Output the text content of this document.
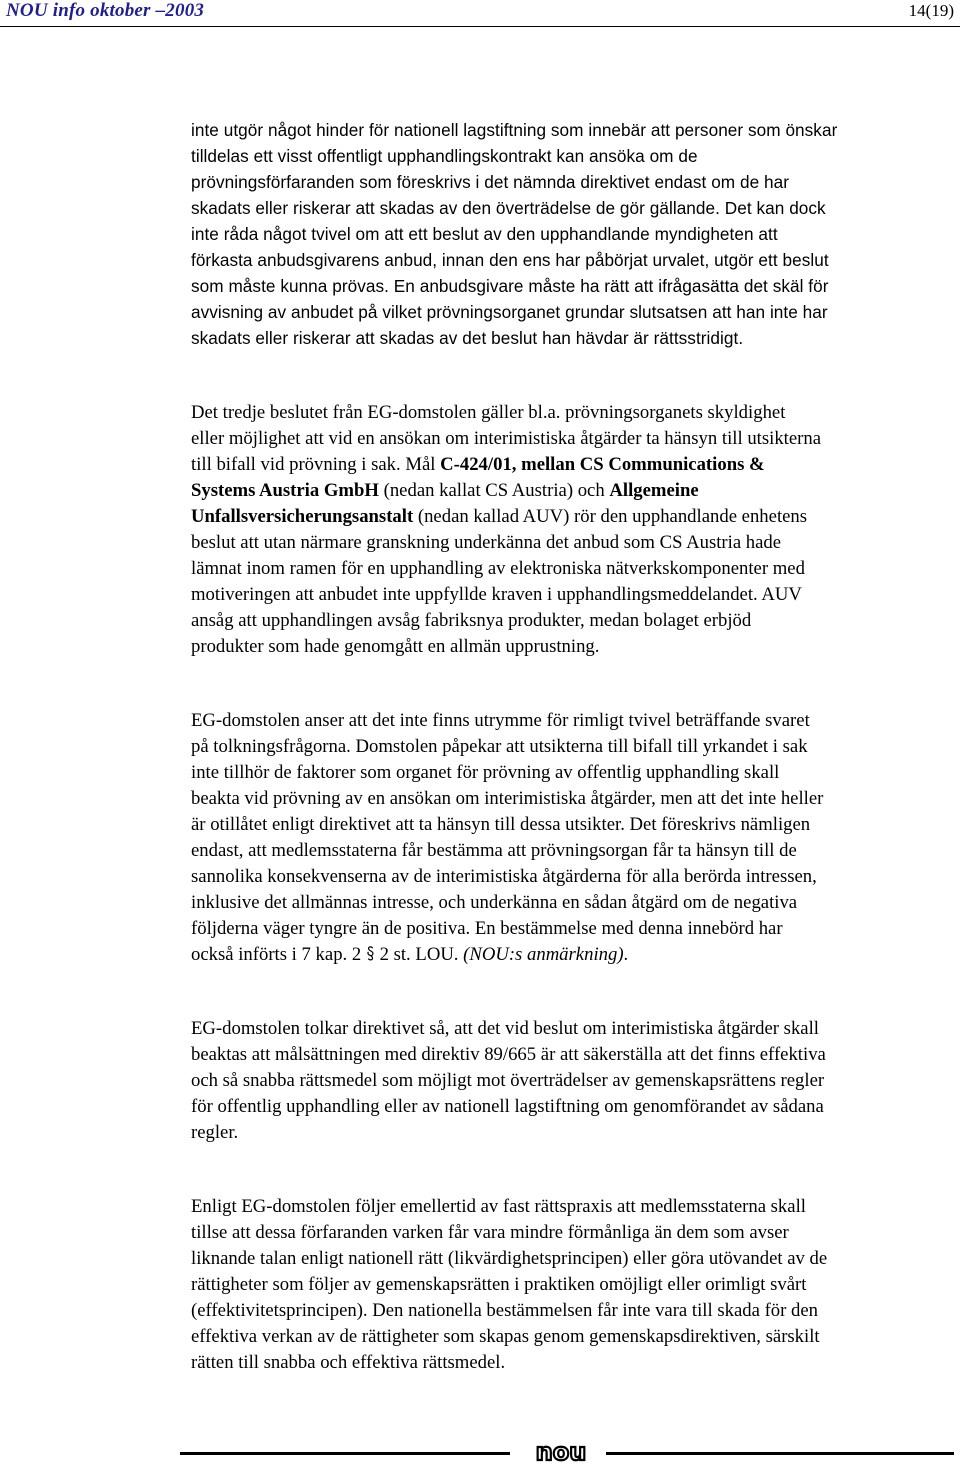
NOU info oktober –2003	14(19)
inte utgör något hinder för nationell lagstiftning som innebär att personer som önskar
tilldelas ett visst offentligt upphandlingskontrakt kan ansöka om de
prövningsförfaranden som föreskrivs i det nämnda direktivet endast om de har
skadats eller riskerar att skadas av den överträdelse de gör gällande. Det kan dock
inte råda något tvivel om att ett beslut av den upphandlande myndigheten att
förkasta anbudsgivarens anbud, innan den ens har påbörjat urvalet, utgör ett beslut
som måste kunna prövas. En anbudsgivare måste ha rätt att ifrågasätta det skäl för
avvisning av anbudet på vilket prövningsorganet grundar slutsatsen att han inte har
skadats eller riskerar att skadas av det beslut han hävdar är rättsstridigt.
Det tredje beslutet från EG-domstolen gäller bl.a. prövningsorganets skyldighet
eller möjlighet att vid en ansökan om interimistiska åtgärder ta hänsyn till utsikterna
till bifall vid prövning i sak. Mål C-424/01, mellan CS Communications &
Systems Austria GmbH (nedan kallat CS Austria) och Allgemeine
Unfallsversicherungsanstalt (nedan kallad AUV) rör den upphandlande enhetens
beslut att utan närmare granskning underkänna det anbud som CS Austria hade
lämnat inom ramen för en upphandling av elektroniska nätverkskomponenter med
motiveringen att anbudet inte uppfyllde kraven i upphandlingsmeddelandet. AUV
ansåg att upphandlingen avsåg fabriksnya produkter, medan bolaget erbjöd
produkter som hade genomgått en allmän upprustning.
EG-domstolen anser att det inte finns utrymme för rimligt tvivel beträffande svaret
på tolkningsfrågorna. Domstolen påpekar att utsikterna till bifall till yrkandet i sak
inte tillhör de faktorer som organet för prövning av offentlig upphandling skall
beakta vid prövning av en ansökan om interimistiska åtgärder, men att det inte heller
är otillåtet enligt direktivet att ta hänsyn till dessa utsikter. Det föreskrivs nämligen
endast, att medlemsstaterna får bestämma att prövningsorgan får ta hänsyn till de
sannolika konsekvenserna av de interimistiska åtgärderna för alla berörda intressen,
inklusive det allmännas intresse, och underkänna en sådan åtgärd om de negativa
följderna väger tyngre än de positiva. En bestämmelse med denna innebörd har
också införts i 7 kap. 2  2 st. LOU. (NOU:s anmärkning).
EG-domstolen tolkar direktivet så, att det vid beslut om interimistiska åtgärder skall
beaktas att målsättningen med direktiv 89/665 är att säkerställa att det finns effektiva
och så snabba rättsmedel som möjligt mot överträdelser av gemenskapsrättens regler
för offentlig upphandling eller av nationell lagstiftning om genomförandet av sådana
regler.
Enligt EG-domstolen följer emellertid av fast rättspraxis att medlemsstaterna skall
tillse att dessa förfaranden varken får vara mindre förmånliga än dem som avser
liknande talan enligt nationell rätt (likvärdighetsprincipen) eller göra utövandet av de
rättigheter som följer av gemenskapsrätten i praktiken omöjligt eller orimligt svårt
(effektivitetsprincipen). Den nationella bestämmelsen får inte vara till skada för den
effektiva verkan av de rättigheter som skapas genom gemenskapsdirektiven, särskilt
rätten till snabba och effektiva rättsmedel.
nou
